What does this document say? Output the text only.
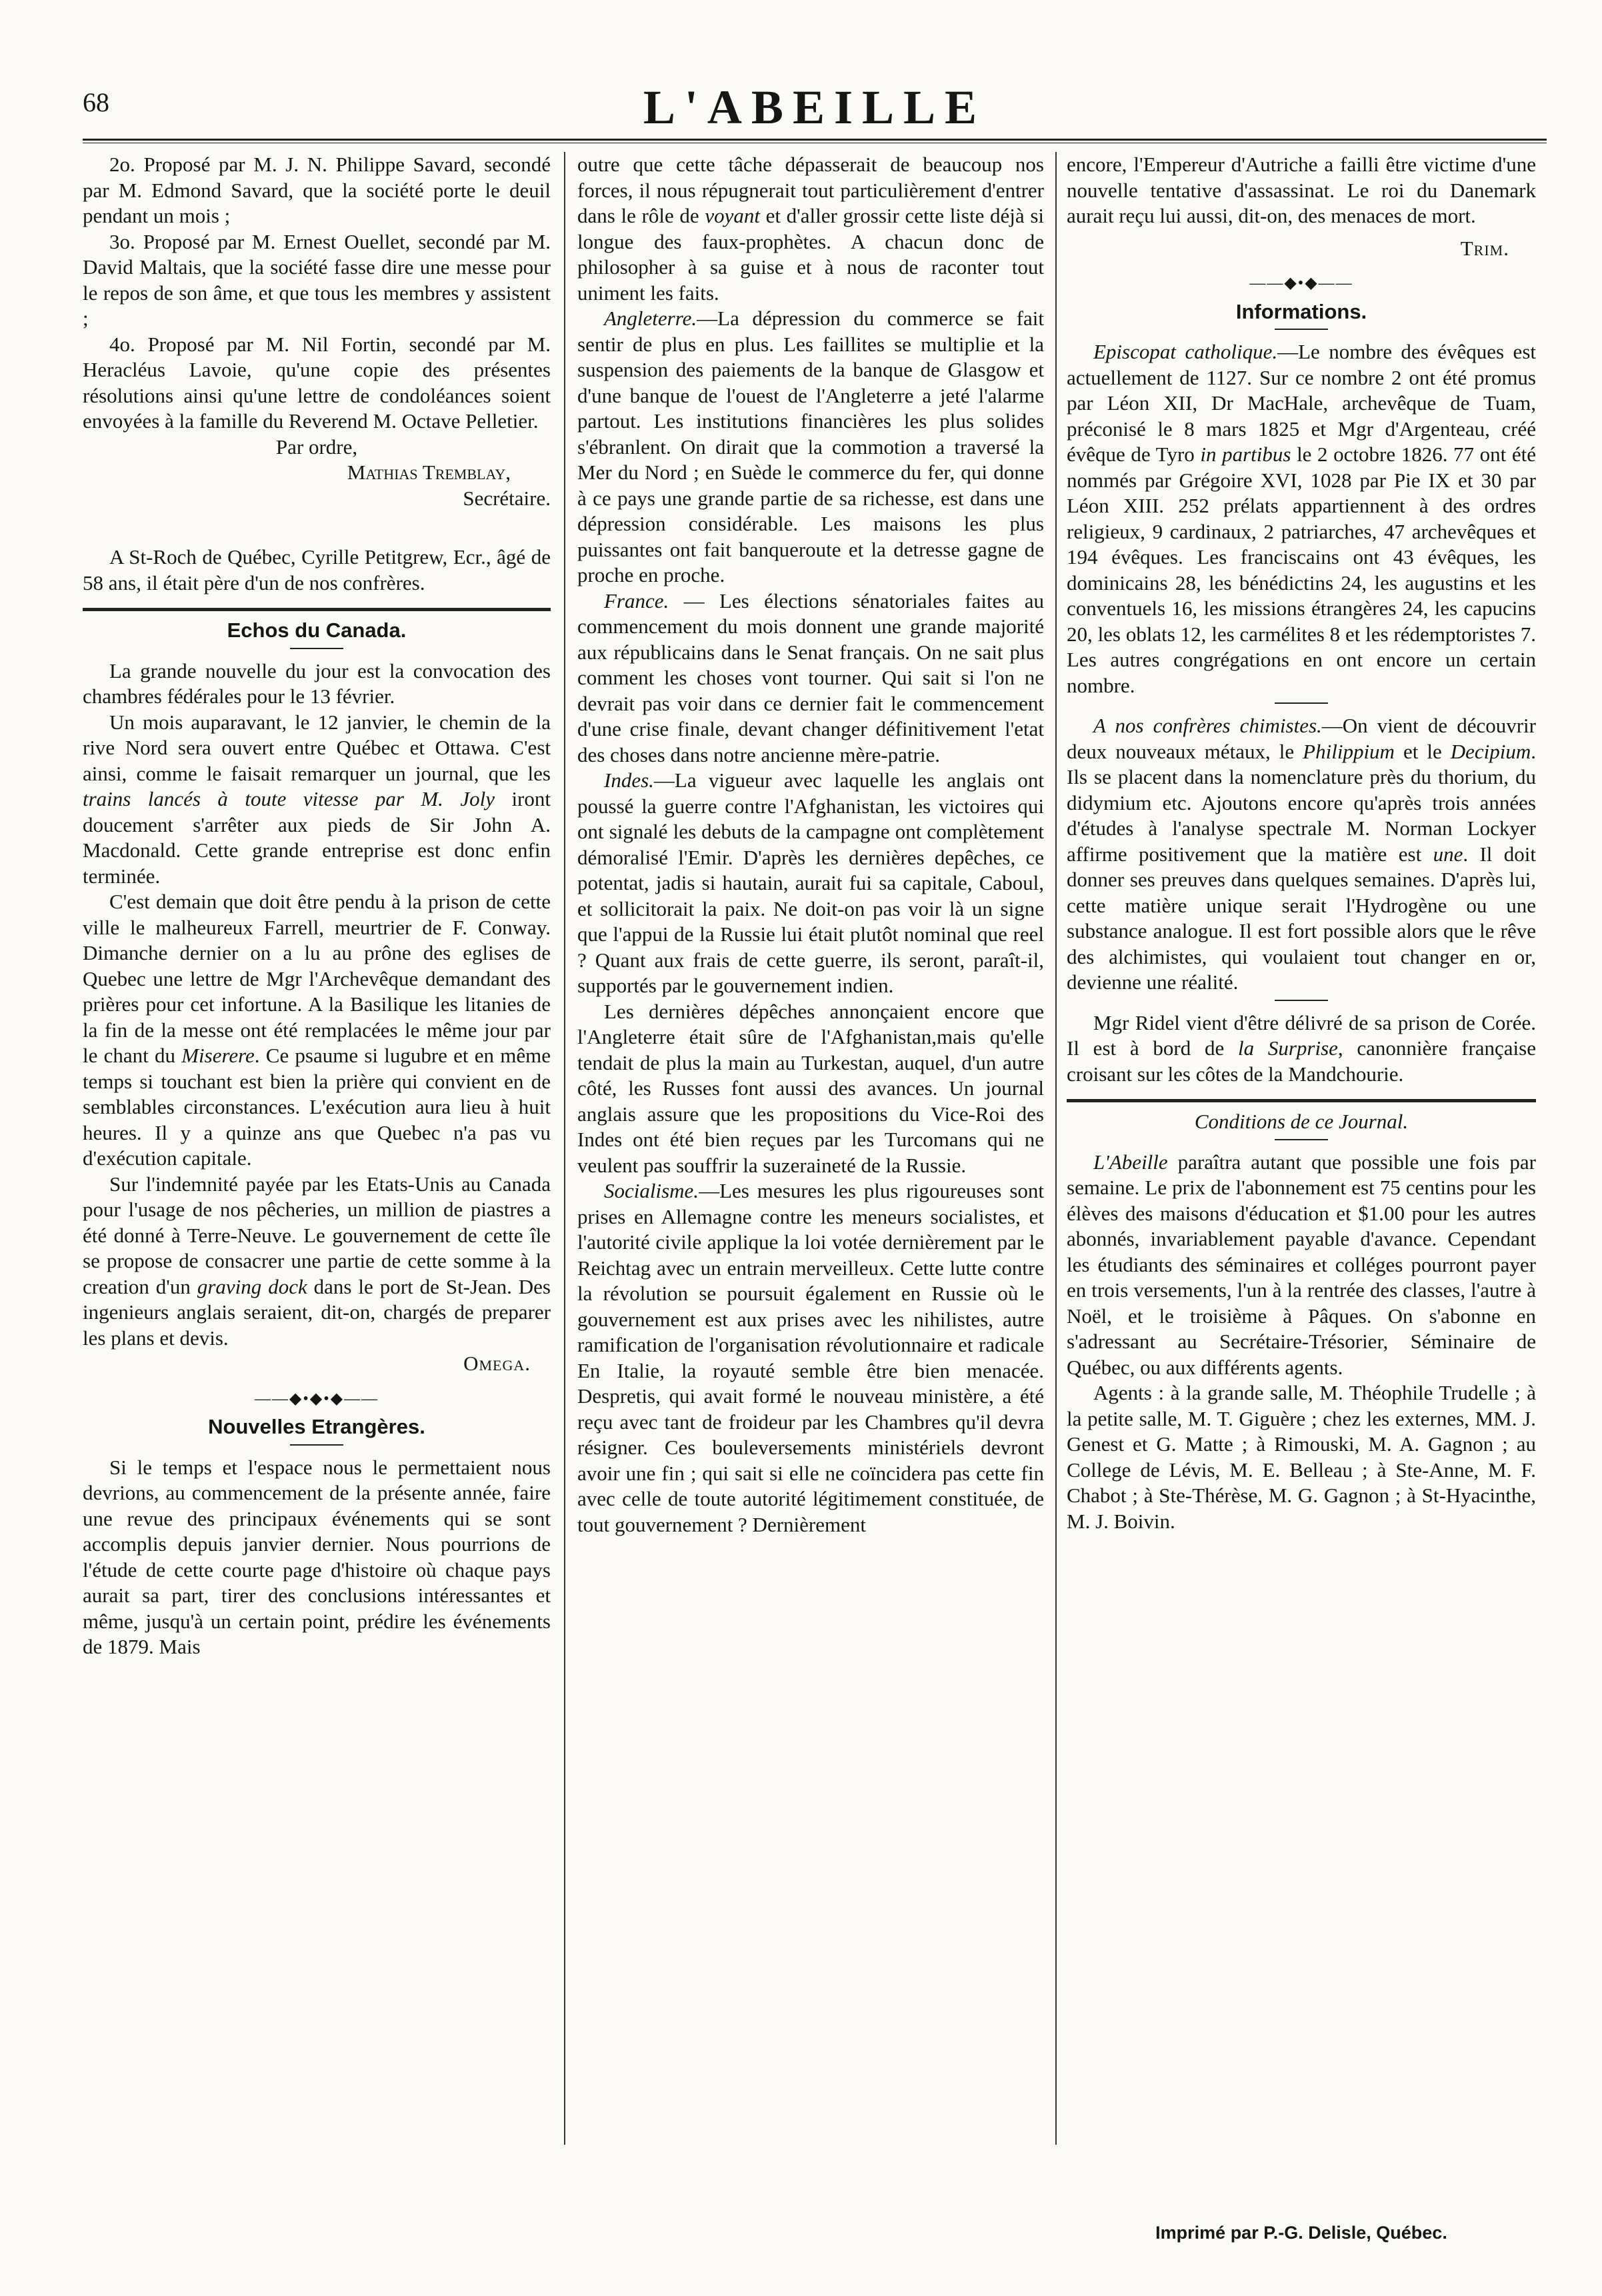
68	L'ABEILLE

2o. Proposé par M. J. N. Philippe Savard, secondé par M. Edmond Savard, que la société porte le deuil pendant un mois ;

3o. Proposé par M. Ernest Ouellet, secondé par M. David Maltais, que la société fasse dire une messe pour le repos de son âme, et que tous les membres y assistent ;

4o. Proposé par M. Nil Fortin, secondé par M. Heracléus Lavoie, qu'une copie des présentes résolutions ainsi qu'une lettre de condoléances soient envoyées à la famille du Reverend M. Octave Pelletier.

Par ordre,

Mathias Tremblay,

Secrétaire.

A St-Roch de Québec, Cyrille Petitgrew, Ecr., âgé de 58 ans, il était père d'un de nos confrères.

Echos du Canada.

La grande nouvelle du jour est la convocation des chambres fédérales pour le 13 février.

Un mois auparavant, le 12 janvier, le chemin de la rive Nord sera ouvert entre Québec et Ottawa. C'est ainsi, comme le faisait remarquer un journal, que les trains lancés à toute vitesse par M. Joly iront doucement s'arrêter aux pieds de Sir John A. Macdonald. Cette grande entreprise est donc enfin terminée.

C'est demain que doit être pendu à la prison de cette ville le malheureux Farrell, meurtrier de F. Conway. Dimanche dernier on a lu au prône des eglises de Quebec une lettre de Mgr l'Archevêque demandant des prières pour cet infortune. A la Basilique les litanies de la fin de la messe ont été remplacées le même jour par le chant du Miserere. Ce psaume si lugubre et en même temps si touchant est bien la prière qui convient en de semblables circonstances. L'exécution aura lieu à huit heures. Il y a quinze ans que Quebec n'a pas vu d'exécution capitale.

Sur l'indemnité payée par les Etats-Unis au Canada pour l'usage de nos pêcheries, un million de piastres a été donné à Terre-Neuve. Le gouvernement de cette île se propose de consacrer une partie de cette somme à la creation d'un graving dock dans le port de St-Jean. Des ingenieurs anglais seraient, dit-on, chargés de preparer les plans et devis.

Omega.

——◆•◆•◆——
Nouvelles Etrangères.

Si le temps et l'espace nous le permettaient nous devrions, au commencement de la présente année, faire une revue des principaux événements qui se sont accomplis depuis janvier dernier. Nous pourrions de l'étude de cette courte page d'histoire où chaque pays aurait sa part, tirer des conclusions intéressantes et même, jusqu'à un certain point, prédire les événements de 1879. Mais

outre que cette tâche dépasserait de beaucoup nos forces, il nous répugnerait tout particulièrement d'entrer dans le rôle de voyant et d'aller grossir cette liste déjà si longue des faux-prophètes. A chacun donc de philosopher à sa guise et à nous de raconter tout uniment les faits.

Angleterre.—La dépression du commerce se fait sentir de plus en plus. Les faillites se multiplie et la suspension des paiements de la banque de Glasgow et d'une banque de l'ouest de l'Angleterre a jeté l'alarme partout. Les institutions financières les plus solides s'ébranlent. On dirait que la commotion a traversé la Mer du Nord ; en Suède le commerce du fer, qui donne à ce pays une grande partie de sa richesse, est dans une dépression considérable. Les maisons les plus puissantes ont fait banqueroute et la detresse gagne de proche en proche.

France. — Les élections sénatoriales faites au commencement du mois donnent une grande majorité aux républicains dans le Senat français. On ne sait plus comment les choses vont tourner. Qui sait si l'on ne devrait pas voir dans ce dernier fait le commencement d'une crise finale, devant changer définitivement l'etat des choses dans notre ancienne mère-patrie.

Indes.—La vigueur avec laquelle les anglais ont poussé la guerre contre l'Afghanistan, les victoires qui ont signalé les debuts de la campagne ont complètement démoralisé l'Emir. D'après les dernières depêches, ce potentat, jadis si hautain, aurait fui sa capitale, Caboul, et sollicitorait la paix. Ne doit-on pas voir là un signe que l'appui de la Russie lui était plutôt nominal que reel ? Quant aux frais de cette guerre, ils seront, paraît-il, supportés par le gouvernement indien.

Les dernières dépêches annonçaient encore que l'Angleterre était sûre de l'Afghanistan,mais qu'elle tendait de plus la main au Turkestan, auquel, d'un autre côté, les Russes font aussi des avances. Un journal anglais assure que les propositions du Vice-Roi des Indes ont été bien reçues par les Turcomans qui ne veulent pas souffrir la suzeraineté de la Russie.

Socialisme.—Les mesures les plus rigoureuses sont prises en Allemagne contre les meneurs socialistes, et l'autorité civile applique la loi votée dernièrement par le Reichtag avec un entrain merveilleux. Cette lutte contre la révolution se poursuit également en Russie où le gouvernement est aux prises avec les nihilistes, autre ramification de l'organisation révolutionnaire et radicale En Italie, la royauté semble être bien menacée. Despretis, qui avait formé le nouveau ministère, a été reçu avec tant de froideur par les Chambres qu'il devra résigner. Ces bouleversements ministériels devront avoir une fin ; qui sait si elle ne coïncidera pas cette fin avec celle de toute autorité légitimement constituée, de tout gouvernement ? Dernièrement

encore, l'Empereur d'Autriche a failli être victime d'une nouvelle tentative d'assassinat. Le roi du Danemark aurait reçu lui aussi, dit-on, des menaces de mort.

Trim.

——◆•◆——
Informations.

Episcopat catholique.—Le nombre des évêques est actuellement de 1127. Sur ce nombre 2 ont été promus par Léon XII, Dr MacHale, archevêque de Tuam, préconisé le 8 mars 1825 et Mgr d'Argenteau, créé évêque de Tyro in partibus le 2 octobre 1826. 77 ont été nommés par Grégoire XVI, 1028 par Pie IX et 30 par Léon XIII. 252 prélats appartiennent à des ordres religieux, 9 cardinaux, 2 patriarches, 47 archevêques et 194 évêques. Les franciscains ont 43 évêques, les dominicains 28, les bénédictins 24, les augustins et les conventuels 16, les missions étrangères 24, les capucins 20, les oblats 12, les carmélites 8 et les rédemptoristes 7. Les autres congrégations en ont encore un certain nombre.

A nos confrères chimistes.—On vient de découvrir deux nouveaux métaux, le Philippium et le Decipium. Ils se placent dans la nomenclature près du thorium, du didymium etc. Ajoutons encore qu'après trois années d'études à l'analyse spectrale M. Norman Lockyer affirme positivement que la matière est une. Il doit donner ses preuves dans quelques semaines. D'après lui, cette matière unique serait l'Hydrogène ou une substance analogue. Il est fort possible alors que le rêve des alchimistes, qui voulaient tout changer en or, devienne une réalité.

Mgr Ridel vient d'être délivré de sa prison de Corée. Il est à bord de la Surprise, canonnière française croisant sur les côtes de la Mandchourie.

Conditions de ce Journal.

L'Abeille paraîtra autant que possible une fois par semaine. Le prix de l'abonnement est 75 centins pour les élèves des maisons d'éducation et $1.00 pour les autres abonnés, invariablement payable d'avance. Cependant les étudiants des séminaires et colléges pourront payer en trois versements, l'un à la rentrée des classes, l'autre à Noël, et le troisième à Pâques. On s'abonne en s'adressant au Secrétaire-Trésorier, Séminaire de Québec, ou aux différents agents.

Agents : à la grande salle, M. Théophile Trudelle ; à la petite salle, M. T. Giguère ; chez les externes, MM. J. Genest et G. Matte ; à Rimouski, M. A. Gagnon ; au College de Lévis, M. E. Belleau ; à Ste-Anne, M. F. Chabot ; à Ste-Thérèse, M. G. Gagnon ; à St-Hyacinthe, M. J. Boivin.

Imprimé par P.-G. Delisle, Québec.
